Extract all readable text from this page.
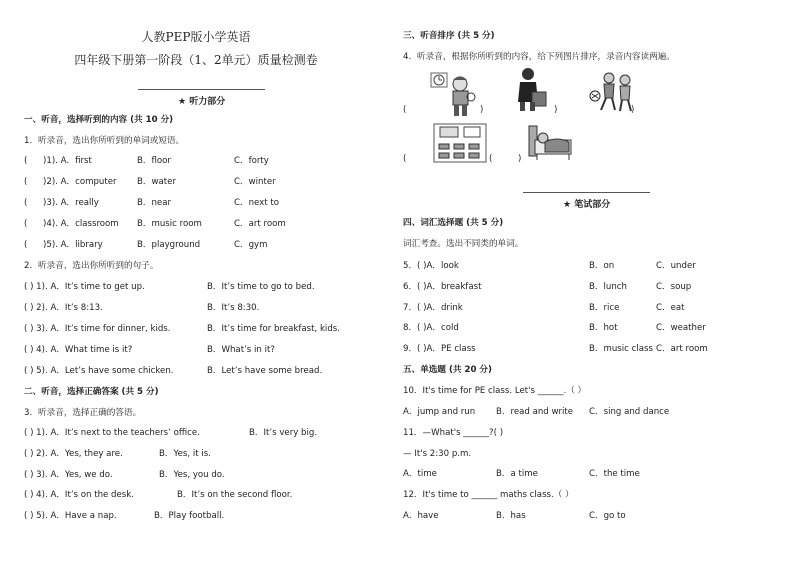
人教PEP版小学英语
四年级下册第一阶段（1、2单元）质量检测卷
★ 听力部分
一、听音，选择听到的内容 (共 10 分)
1．听录音，选出你所听到的单词或短语。
( )1). A．first	B．floor	C．forty
( )2). A．computer B．water	C．winter
( )3). A．really	B．near	C．next to
( )4). A．classroom B．music room	C．art room
( )5). A．library	B．playground	C．gym
2．听录音，选出你所听到的句子。
( ) 1). A．It’s time to get up.	B．It’s time to go to bed.
( ) 2). A．It’s 8:13.	B．It’s 8:30.
( ) 3). A．It’s time for dinner, kids.	B．It’s time for breakfast, kids.
( ) 4). A．What time is it?	B．What’s in it?
( ) 5). A．Let’s have some chicken.	B．Let’s have some bread.
二、听音，选择正确答案 (共 5 分)
3．听录音，选择正确的答语。
( ) 1). A．It’s next to the teachers’ office.	B．It’s very big.
( ) 2). A．Yes, they are.	B．Yes, it is.
( ) 3). A．Yes, we do.	B．Yes, you do.
( ) 4). A．It’s on the desk.	B．It’s on the second floor.
( ) 5). A．Have a nap.	B．Play football.
三、听音排序 (共 5 分)
4．听录音，根据你所听到的内容，给下列图片排序，录音内容读两遍。
(	)	)	)
(	(	)
★ 笔试部分
四、词汇选择题 (共 5 分)
词汇考查。选出不同类的单词。
5．( )A．look	B．on	C．under
6．( )A．breakfast	B．lunch	C．soup
7．( )A．drink	B．rice	C．eat
8．( )A．cold	B．hot	C．weather
9．( )A．PE class	B．music class C．art room
五、单选题 (共 20 分)
10．It's time for PE class. Let's ______.（ ）
A．jump and run B．read and write C．sing and dance
11．—What's ______?( )
— It's 2:30 p.m.
A．time	B．a time	C．the time
12．It's time to ______ maths class.（ ）
A．have	B．has	C．go to
